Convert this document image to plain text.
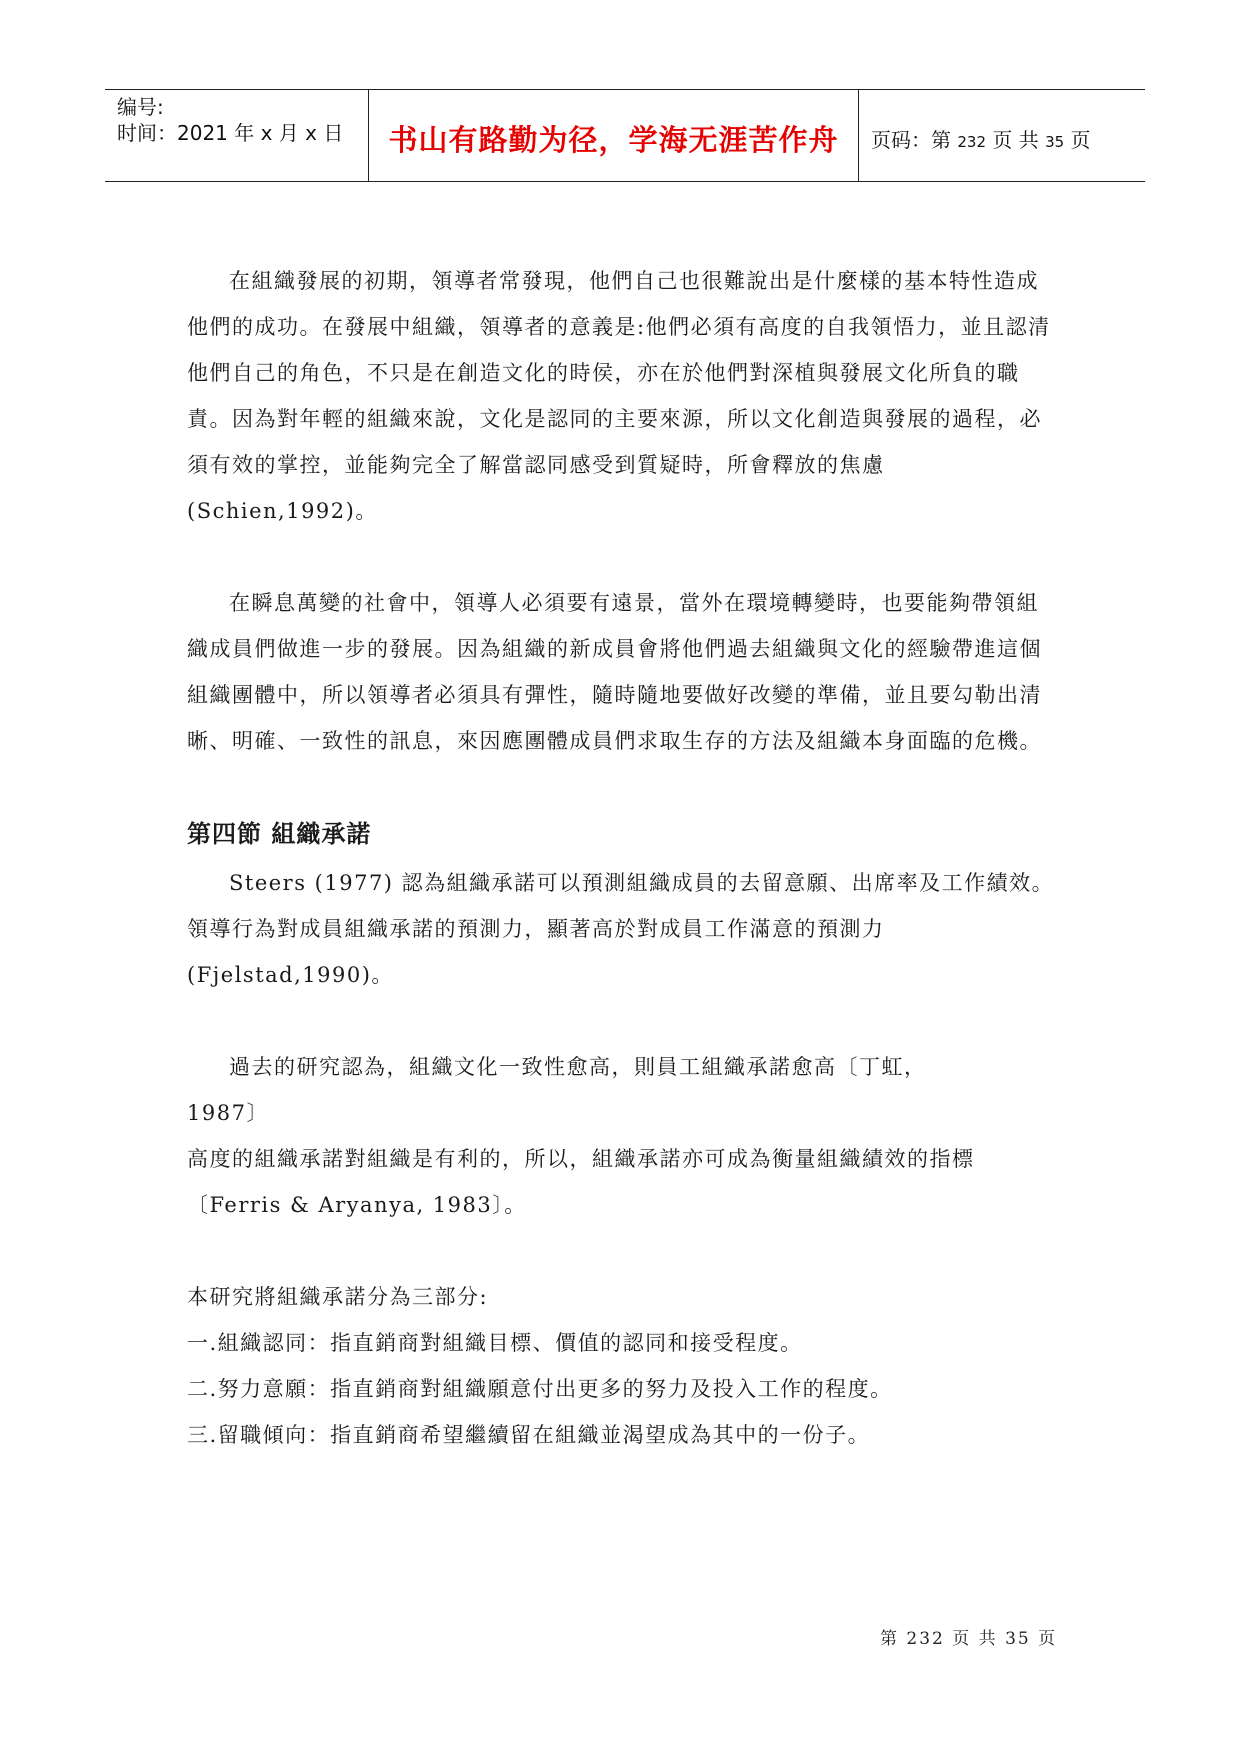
编号:
时间：2021 年 x 月 x 日	书山有路勤为径，学海无涯苦作舟	页码：第 232 页 共 35 页

在組織發展的初期，領導者常發現，他們自己也很難說出是什麼樣的基本特性造成他們的成功。在發展中組織，領導者的意義是:他們必須有高度的自我領悟力，並且認清他們自己的角色，不只是在創造文化的時侯，亦在於他們對深植與發展文化所負的職責。因為對年輕的組織來說，文化是認同的主要來源，所以文化創造與發展的過程，必須有效的掌控，並能夠完全了解當認同感受到質疑時，所會釋放的焦慮(Schien,1992)。

在瞬息萬變的社會中，領導人必須要有遠景，當外在環境轉變時，也要能夠帶領組織成員們做進一步的發展。因為組織的新成員會將他們過去組織與文化的經驗帶進這個組織團體中，所以領導者必須具有彈性，隨時隨地要做好改變的準備，並且要勾勒出清晰、明確、一致性的訊息，來因應團體成員們求取生存的方法及組織本身面臨的危機。

第四節 組織承諾

Steers (1977) 認為組織承諾可以預測組織成員的去留意願、出席率及工作績效。領導行為對成員組織承諾的預測力，顯著高於對成員工作滿意的預測力(Fjelstad,1990)。

過去的研究認為，組織文化一致性愈高，則員工組織承諾愈高〔丁虹，

1987〕

高度的組織承諾對組織是有利的，所以，組織承諾亦可成為衡量組織績效的指標

〔Ferris & Aryanya, 1983〕。

本研究將組織承諾分為三部分:

一.組織認同：指直銷商對組織目標、價值的認同和接受程度。

二.努力意願：指直銷商對組織願意付出更多的努力及投入工作的程度。

三.留職傾向：指直銷商希望繼續留在組織並渴望成為其中的一份子。

第 232 页 共 35 页
